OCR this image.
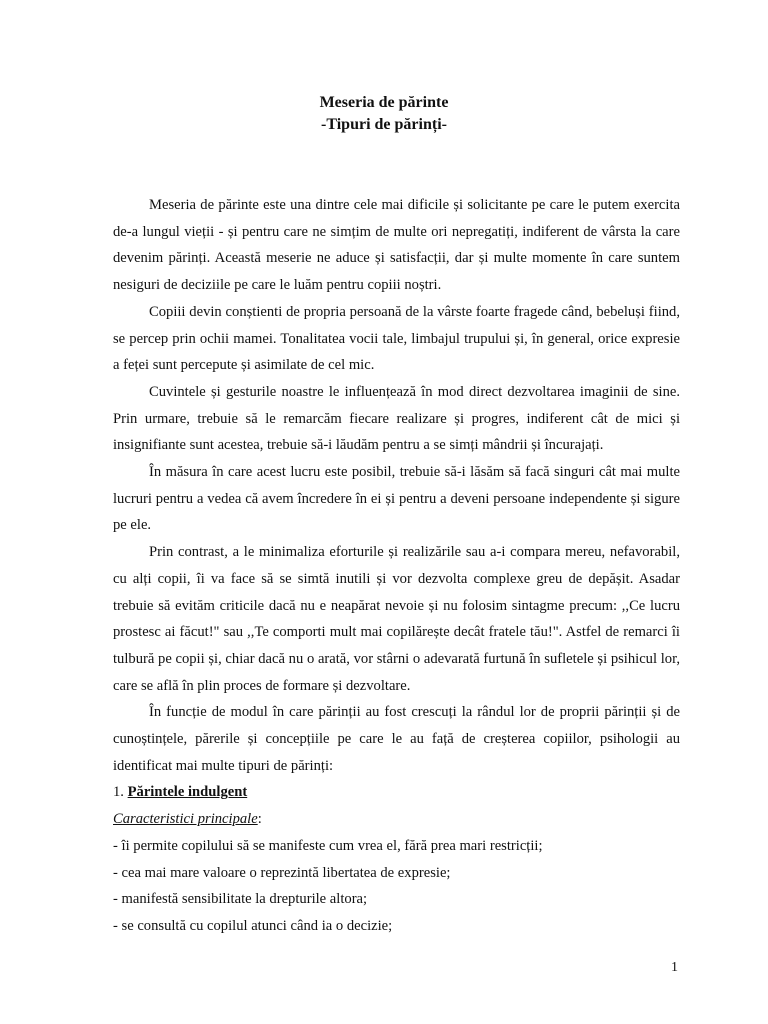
Meseria de părinte
-Tipuri de părinți-

Meseria de părinte este una dintre cele mai dificile și solicitante pe care le putem exercita de-a lungul vieții - și pentru care ne simțim de multe ori nepregatiți, indiferent de vârsta la care devenim părinți. Această meserie ne aduce și satisfacții, dar și multe momente în care suntem nesiguri de deciziile pe care le luăm pentru copiii noștri.

Copiii devin conștienti de propria persoană de la vârste foarte fragede când, bebeluși fiind, se percep prin ochii mamei. Tonalitatea vocii tale, limbajul trupului și, în general, orice expresie a feței sunt percepute și asimilate de cel mic.

Cuvintele și gesturile noastre le influențează în mod direct dezvoltarea imaginii de sine. Prin urmare, trebuie să le remarcăm fiecare realizare și progres, indiferent cât de mici și insignifiante sunt acestea, trebuie să-i lăudăm pentru a se simți mândrii și încurajați.

În măsura în care acest lucru este posibil, trebuie să-i lăsăm să facă singuri cât mai multe lucruri pentru a vedea că avem încredere în ei și pentru a deveni persoane independente și sigure pe ele.

Prin contrast, a le minimaliza eforturile și realizările sau a-i compara mereu, nefavorabil, cu alți copii, îi va face să se simtă inutili și vor dezvolta complexe greu de depășit. Asadar trebuie să evităm criticile dacă nu e neapărat nevoie și nu folosim sintagme precum: ,,Ce lucru prostesc ai făcut!" sau ,,Te comporti mult mai copilărește decât fratele tău!". Astfel de remarci îi tulbură pe copii și, chiar dacă nu o arată, vor stârni o adevarată furtună în sufletele și psihicul lor, care se află în plin proces de formare și dezvoltare.

În funcție de modul în care părinții au fost crescuți la rândul lor de proprii părinții și de cunoștințele, părerile și concepțiile pe care le au față de creșterea copiilor, psihologii au identificat mai multe tipuri de părinți:

1. Părintele indulgent

Caracteristici principale:

- îi permite copilului să se manifeste cum vrea el, fără prea mari restricții;
- cea mai mare valoare o reprezintă libertatea de expresie;
- manifestă sensibilitate la drepturile altora;
- se consultă cu copilul atunci când ia o decizie;
1
